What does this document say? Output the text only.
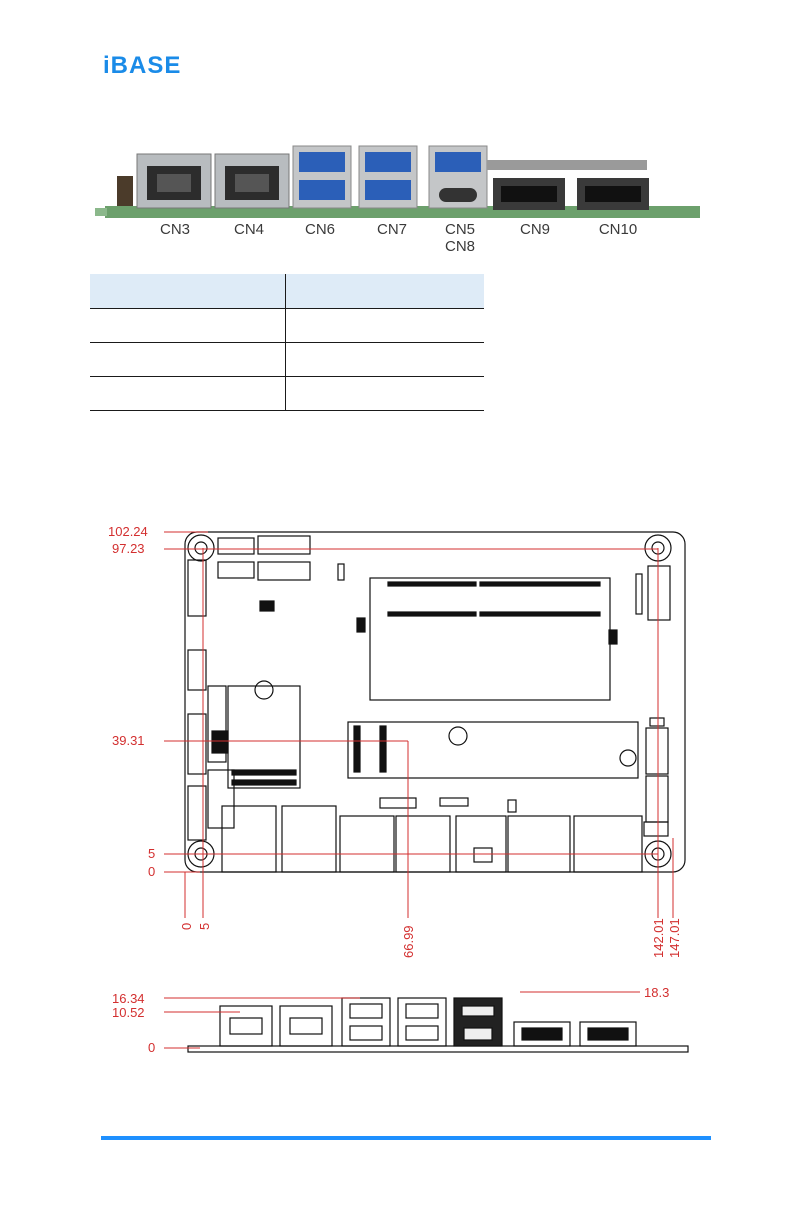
iBASE
CN3	CN4	CN6	CN7	CN5
CN8
CN9	CN10

102.24
97.23
39.31
5
0
0 5	66.99	142.01 147.01
16.34
10.52
0
18.3
